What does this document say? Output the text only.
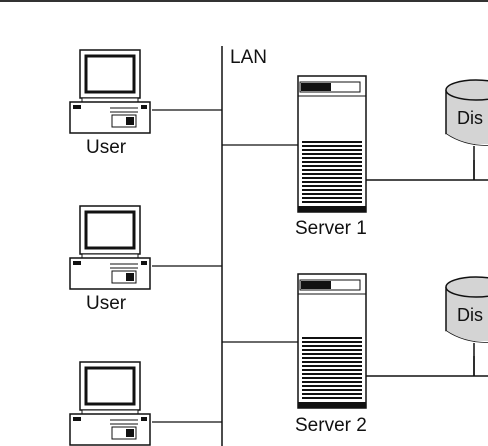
LAN
User
User
Server 1
Server 2
Dis
Dis
